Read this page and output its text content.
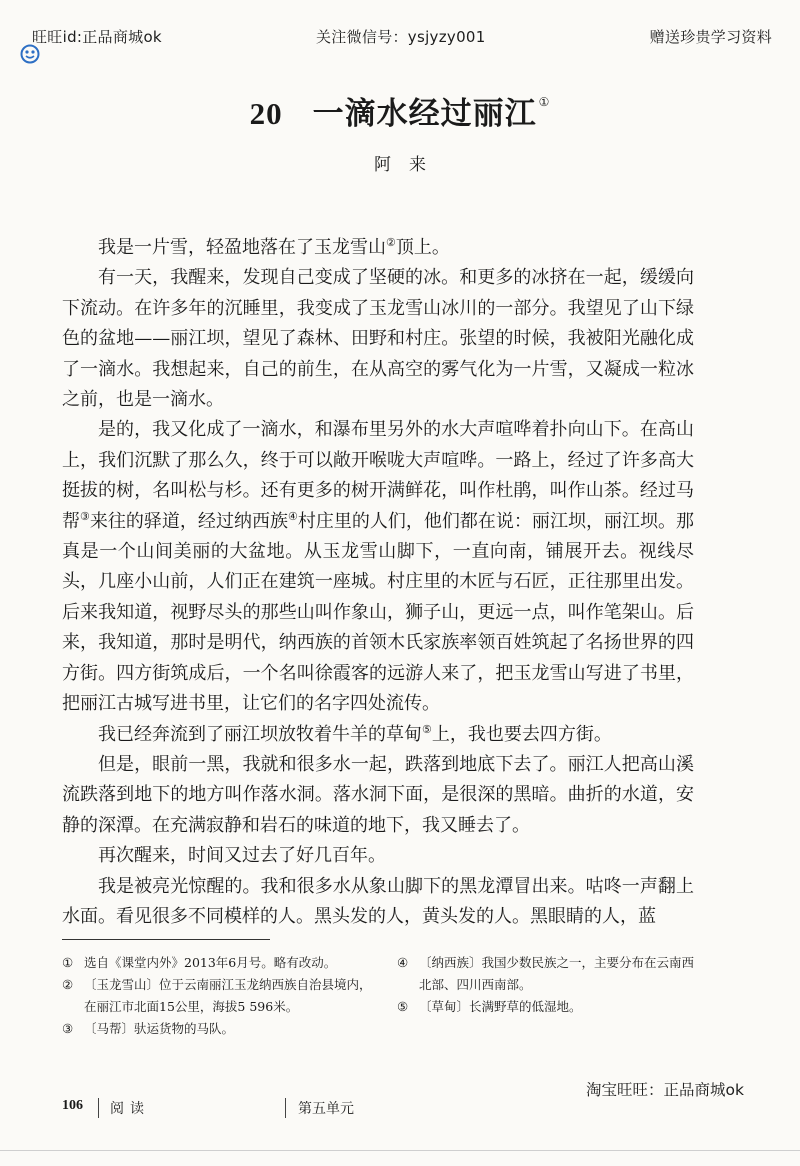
旺旺id:正品商城ok	关注微信号：ysjyzy001	赠送珍贵学习资料
20 一滴水经过丽江 ①
阿来

我是一片雪，轻盈地落在了玉龙雪山②顶上。

有一天，我醒来，发现自己变成了坚硬的冰。和更多的冰挤在一起，缓缓向下流动。在许多年的沉睡里，我变成了玉龙雪山冰川的一部分。我望见了山下绿色的盆地——丽江坝，望见了森林、田野和村庄。张望的时候，我被阳光融化成了一滴水。我想起来，自己的前生，在从高空的雾气化为一片雪，又凝成一粒冰之前，也是一滴水。

是的，我又化成了一滴水，和瀑布里另外的水大声喧哗着扑向山下。在高山上，我们沉默了那么久，终于可以敞开喉咙大声喧哗。一路上，经过了许多高大挺拔的树，名叫松与杉。还有更多的树开满鲜花，叫作杜鹃，叫作山茶。经过马帮③来往的驿道，经过纳西族④村庄里的人们，他们都在说：丽江坝，丽江坝。那真是一个山间美丽的大盆地。从玉龙雪山脚下，一直向南，铺展开去。视线尽头，几座小山前，人们正在建筑一座城。村庄里的木匠与石匠，正往那里出发。后来我知道，视野尽头的那些山叫作象山，狮子山，更远一点，叫作笔架山。后来，我知道，那时是明代，纳西族的首领木氏家族率领百姓筑起了名扬世界的四方街。四方街筑成后，一个名叫徐霞客的远游人来了，把玉龙雪山写进了书里，把丽江古城写进书里，让它们的名字四处流传。

我已经奔流到了丽江坝放牧着牛羊的草甸⑤上，我也要去四方街。

但是，眼前一黑，我就和很多水一起，跌落到地底下去了。丽江人把高山溪流跌落到地下的地方叫作落水洞。落水洞下面，是很深的黑暗。曲折的水道，安静的深潭。在充满寂静和岩石的味道的地下，我又睡去了。

再次醒来，时间又过去了好几百年。

我是被亮光惊醒的。我和很多水从象山脚下的黑龙潭冒出来。咕咚一声翻上水面。看见很多不同模样的人。黑头发的人，黄头发的人。黑眼睛的人，蓝

① 选自《课堂内外》2013年6月号。略有改动。
② 〔玉龙雪山〕位于云南丽江玉龙纳西族自治县境内，在丽江市北面15公里，海拔5 596米。
③ 〔马帮〕驮运货物的马队。
④ 〔纳西族〕我国少数民族之一，主要分布在云南西北部、四川西南部。
⑤ 〔草甸〕长满野草的低湿地。
淘宝旺旺：正品商城ok
106 阅读	第五单元
